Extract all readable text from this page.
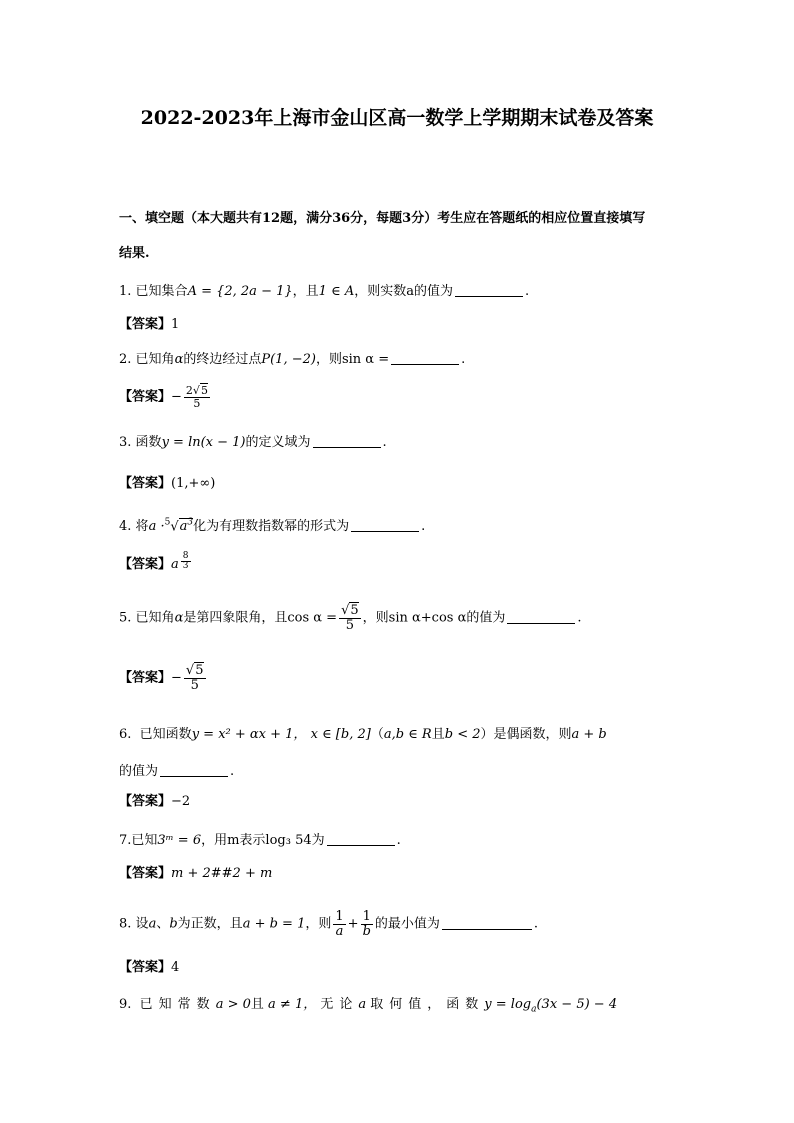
2022-2023年上海市金山区高一数学上学期期末试卷及答案
一、填空题（本大题共有12题，满分36分，每题3分）考生应在答题纸的相应位置直接填写
结果.
1. 已知集合A = {2, 2a − 1}，且1 ∈ A，则实数a的值为	.
【答案】1
2. 已知角α的终边经过点P(1, −2)，则sin α =	.
【答案】− $\frac{2√5}{5}$
3. 函数y = ln(x − 1)的定义域为	.
【答案】(1,+∞)
4. 将$a \cdot^5√a^3$化为有理数指数幂的形式为	.
【答案】a $\frac{8}{3}$
5. 已知角α是第四象限角，且$\cos \alpha = \frac{√5}{5}$ ，则sin α+cos α的值为	.
【答案】− $\frac{√5}{5}$
6. 已知函数y = x² + αx + 1， x ∈ [b, 2]（a,b ∈ R且b < 2）是偶函数，则a + b
的值为	.
【答案】−2
7.已知3ᵐ = 6，用m表示log₃ 54为	.
【答案】m + 2##2 + m
8. 设a、b为正数，且a + b = 1，则 $\frac{1}{a} + \frac{1}{b}$ 的最小值为	.
【答案】4
9. 已知常数a > 0且 a ≠ 1， 无论a 取何值，函数$y = \log_a(3x - 5) - 4$
